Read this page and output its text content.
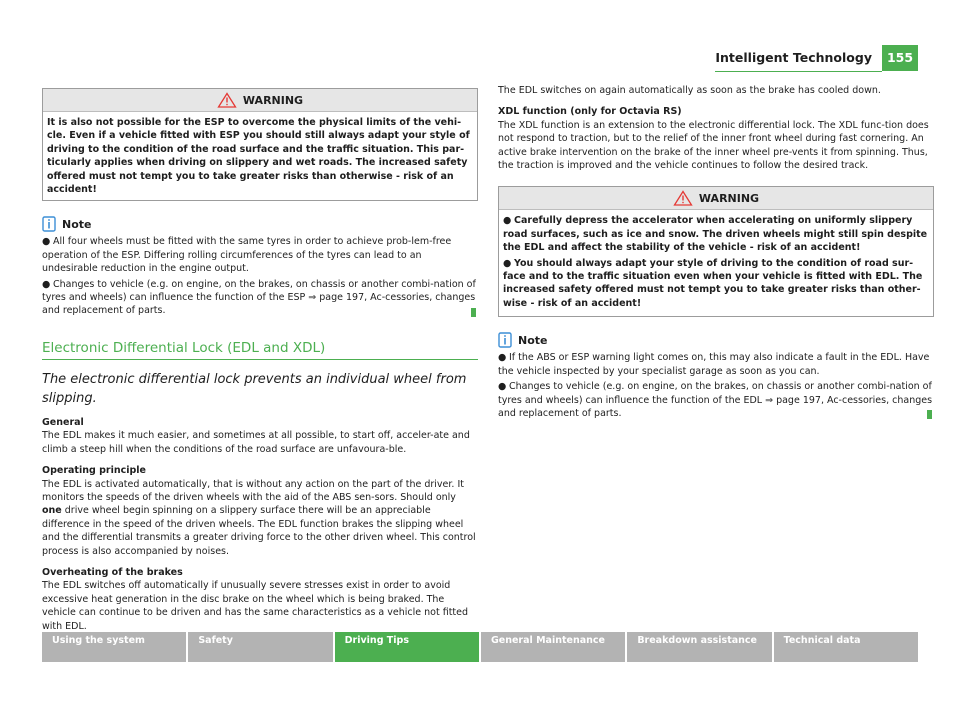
Intelligent Technology	155
WARNING

It is also not possible for the ESP to overcome the physical limits of the vehi-cle. Even if a vehicle fitted with ESP you should still always adapt your style of driving to the condition of the road surface and the traffic situation. This par-ticularly applies when driving on slippery and wet roads. The increased safety offered must not tempt you to take greater risks than otherwise - risk of an accident!

Note

● All four wheels must be fitted with the same tyres in order to achieve prob-lem-free operation of the ESP. Differing rolling circumferences of the tyres can lead to an undesirable reduction in the engine output.

● Changes to vehicle (e.g. on engine, on the brakes, on chassis or another combi-nation of tyres and wheels) can influence the function of the ESP ⇒ page 197, Ac-cessories, changes and replacement of parts.

Electronic Differential Lock (EDL and XDL)

The electronic differential lock prevents an individual wheel from slipping.

General

The EDL makes it much easier, and sometimes at all possible, to start off, acceler-ate and climb a steep hill when the conditions of the road surface are unfavoura-ble.

Operating principle

The EDL is activated automatically, that is without any action on the part of the driver. It monitors the speeds of the driven wheels with the aid of the ABS sen-sors. Should only one drive wheel begin spinning on a slippery surface there will be an appreciable difference in the speed of the driven wheels. The EDL function brakes the slipping wheel and the differential transmits a greater driving force to the other driven wheel. This control process is also accompanied by noises.

Overheating of the brakes

The EDL switches off automatically if unusually severe stresses exist in order to avoid excessive heat generation in the disc brake on the wheel which is being braked. The vehicle can continue to be driven and has the same characteristics as a vehicle not fitted with EDL.

The EDL switches on again automatically as soon as the brake has cooled down.

XDL function (only for Octavia RS)

The XDL function is an extension to the electronic differential lock. The XDL func-tion does not respond to traction, but to the relief of the inner front wheel during fast cornering. An active brake intervention on the brake of the inner wheel pre-vents it from spinning. Thus, the traction is improved and the vehicle continues to follow the desired track.

WARNING

● Carefully depress the accelerator when accelerating on uniformly slippery road surfaces, such as ice and snow. The driven wheels might still spin despite the EDL and affect the stability of the vehicle - risk of an accident!

● You should always adapt your style of driving to the condition of road sur-face and to the traffic situation even when your vehicle is fitted with EDL. The increased safety offered must not tempt you to take greater risks than other-wise - risk of an accident!

Note

● If the ABS or ESP warning light comes on, this may also indicate a fault in the EDL. Have the vehicle inspected by your specialist garage as soon as you can.

● Changes to vehicle (e.g. on engine, on the brakes, on chassis or another combi-nation of tyres and wheels) can influence the function of the EDL ⇒ page 197, Ac-cessories, changes and replacement of parts.

Using the system	Safety	Driving Tips	General Maintenance	Breakdown assistance	Technical data
